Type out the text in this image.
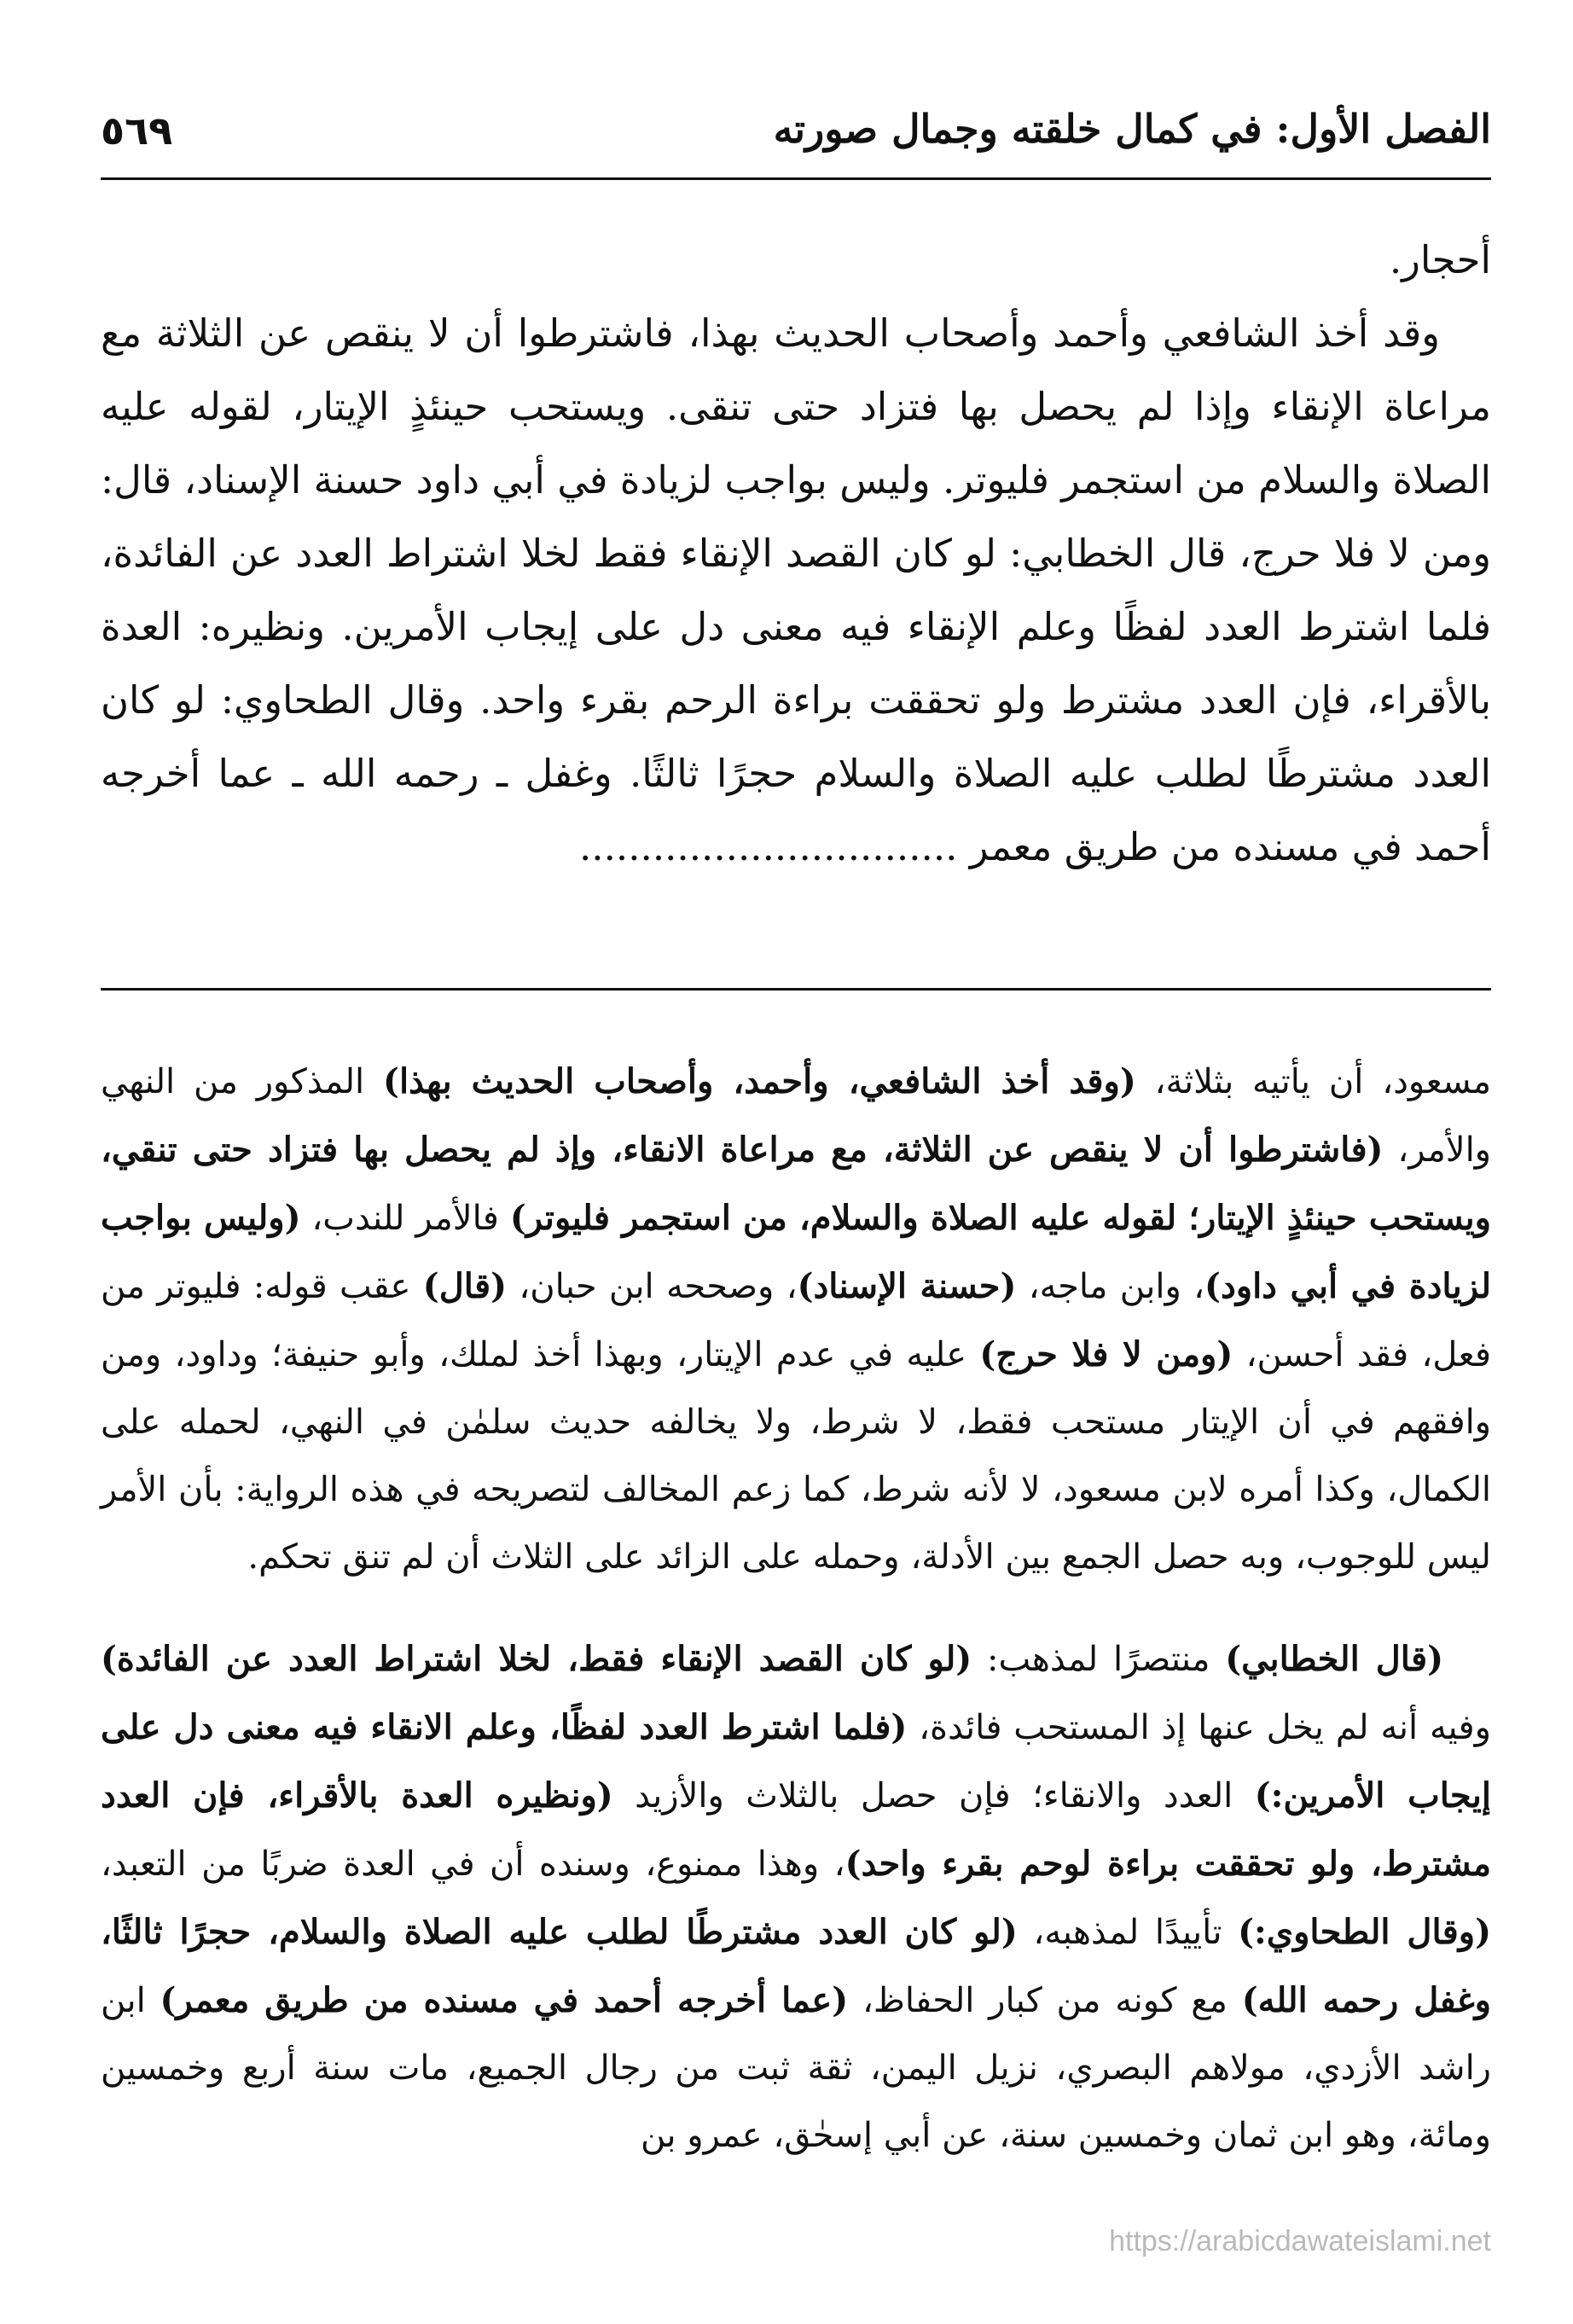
٥٦٩	الفصل الأول: في كمال خلقته وجمال صورته

أحجار.

وقد أخذ الشافعي وأحمد وأصحاب الحديث بهذا، فاشترطوا أن لا ينقص عن الثلاثة مع مراعاة الإنقاء وإذا لم يحصل بها فتزاد حتى تنقى. ويستحب حينئذٍ الإيتار، لقوله عليه الصلاة والسلام من استجمر فليوتر. وليس بواجب لزيادة في أبي داود حسنة الإسناد، قال: ومن لا فلا حرج، قال الخطابي: لو كان القصد الإنقاء فقط لخلا اشتراط العدد عن الفائدة، فلما اشترط العدد لفظًا وعلم الإنقاء فيه معنى دل على إيجاب الأمرين. ونظيره: العدة بالأقراء، فإن العدد مشترط ولو تحققت براءة الرحم بقرء واحد. وقال الطحاوي: لو كان العدد مشترطًا لطلب عليه الصلاة والسلام حجرًا ثالثًا. وغفل ـ رحمه الله ـ عما أخرجه أحمد في مسنده من طريق معمر ...............................

مسعود، أن يأتيه بثلاثة، (وقد أخذ الشافعي، وأحمد، وأصحاب الحديث بهذا) المذكور من النهي والأمر، (فاشترطوا أن لا ينقص عن الثلاثة، مع مراعاة الانقاء، وإذ لم يحصل بها فتزاد حتى تنقي، ويستحب حينئذٍ الإيتار؛ لقوله عليه الصلاة والسلام، من استجمر فليوتر) فالأمر للندب، (وليس بواجب لزيادة في أبي داود)، وابن ماجه، (حسنة الإسناد)، وصححه ابن حبان، (قال) عقب قوله: فليوتر من فعل، فقد أحسن، (ومن لا فلا حرج) عليه في عدم الإيتار، وبهذا أخذ لملك، وأبو حنيفة؛ وداود، ومن وافقهم في أن الإيتار مستحب فقط، لا شرط، ولا يخالفه حديث سلمٰن في النهي، لحمله على الكمال، وكذا أمره لابن مسعود، لا لأنه شرط، كما زعم المخالف لتصريحه في هذه الرواية: بأن الأمر ليس للوجوب، وبه حصل الجمع بين الأدلة، وحمله على الزائد على الثلاث أن لم تنق تحكم.

(قال الخطابي) منتصرًا لمذهب: (لو كان القصد الإنقاء فقط، لخلا اشتراط العدد عن الفائدة) وفيه أنه لم يخل عنها إذ المستحب فائدة، (فلما اشترط العدد لفظًا، وعلم الانقاء فيه معنى دل على إيجاب الأمرين:) العدد والانقاء؛ فإن حصل بالثلاث والأزيد (ونظيره العدة بالأقراء، فإن العدد مشترط، ولو تحققت براءة لوحم بقرء واحد)، وهذا ممنوع، وسنده أن في العدة ضربًا من التعبد، (وقال الطحاوي:) تأييدًا لمذهبه، (لو كان العدد مشترطًا لطلب عليه الصلاة والسلام، حجرًا ثالثًا، وغفل رحمه الله) مع كونه من كبار الحفاظ، (عما أخرجه أحمد في مسنده من طريق معمر) ابن راشد الأزدي، مولاهم البصري، نزيل اليمن، ثقة ثبت من رجال الجميع، مات سنة أربع وخمسين ومائة، وهو ابن ثمان وخمسين سنة، عن أبي إسحٰق، عمرو بن

https://arabicdawateislami.net
